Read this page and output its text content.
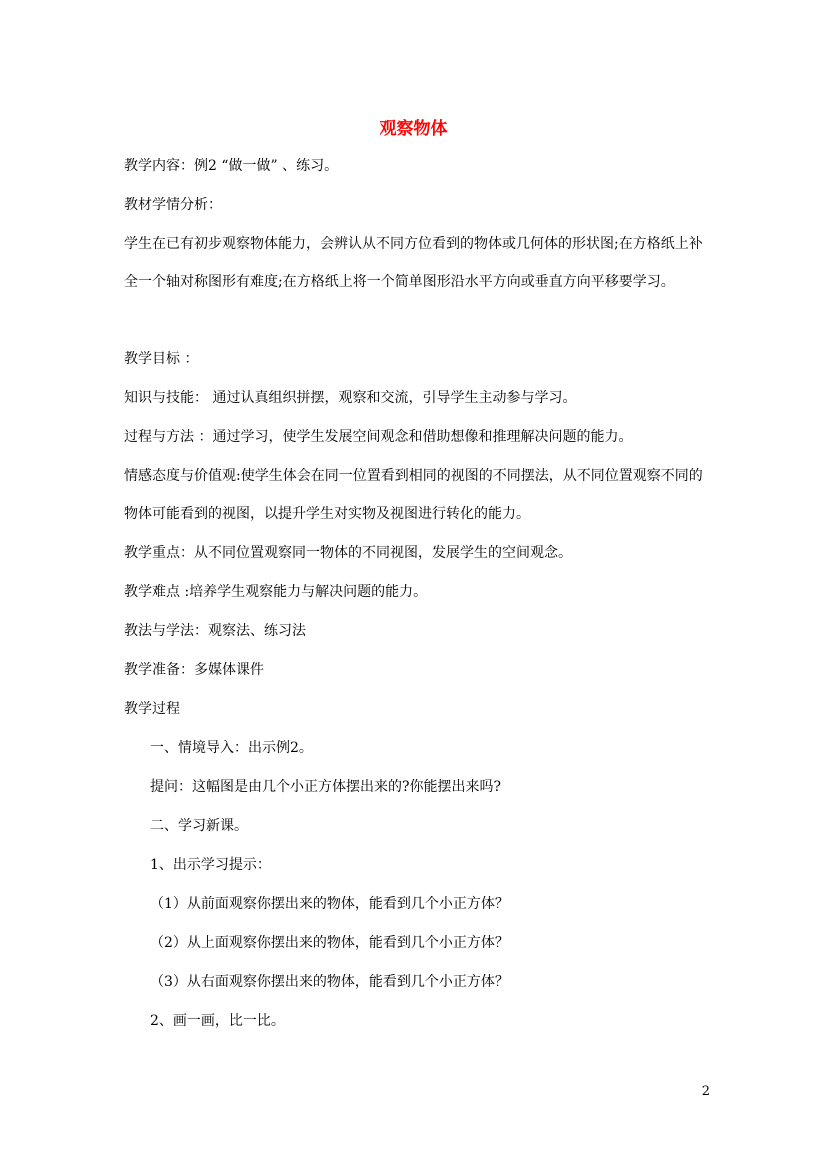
观察物体

教学内容：例2 “做一做” 、练习。

教材学情分析：

学生在已有初步观察物体能力，会辨认从不同方位看到的物体或几何体的形状图;在方格纸上补全一个轴对称图形有难度;在方格纸上将一个简单图形沿水平方向或垂直方向平移要学习。

教学目标 ：

知识与技能： 通过认真组织拼摆，观察和交流，引导学生主动参与学习。

过程与方法 ：通过学习，使学生发展空间观念和借助想像和推理解决问题的能力。

情感态度与价值观:使学生体会在同一位置看到相同的视图的不同摆法，从不同位置观察不同的物体可能看到的视图，以提升学生对实物及视图进行转化的能力。

教学重点：从不同位置观察同一物体的不同视图，发展学生的空间观念。

教学难点 :培养学生观察能力与解决问题的能力。

教法与学法：观察法、练习法

教学准备：多媒体课件

教学过程

一、情境导入：出示例2。

提问：这幅图是由几个小正方体摆出来的?你能摆出来吗?

二、学习新课。

1、出示学习提示：

（1）从前面观察你摆出来的物体，能看到几个小正方体？

（2）从上面观察你摆出来的物体，能看到几个小正方体？

（3）从右面观察你摆出来的物体，能看到几个小正方体？

2、画一画，比一比。

2
